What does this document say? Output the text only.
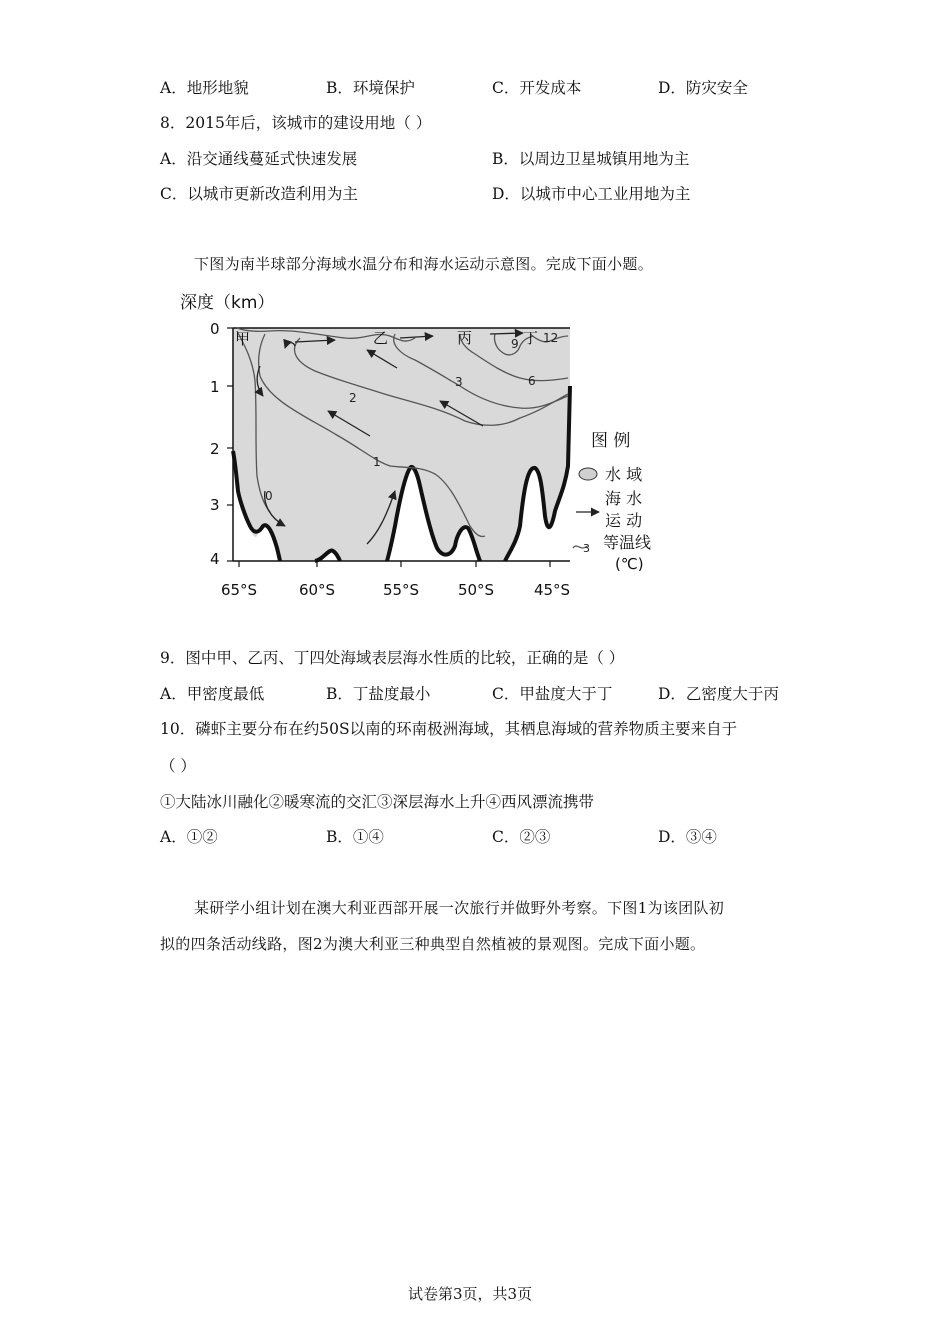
A．地形地貌	B．环境保护	C．开发成本	D．防灾安全
8．2015年后，该城市的建设用地（ ）
A．沿交通线蔓延式快速发展	B．以周边卫星城镇用地为主
C．以城市更新改造利用为主	D．以城市中心工业用地为主
下图为南半球部分海域水温分布和海水运动示意图。完成下面小题。
深度（km）
0
1
2
3	6
9 12
甲	乙	丙	丁
0
1
2
3
4
65°S	60°S	55°S	50°S	45°S
图 例
水 域
海 水
运 动
3 等温线
(℃)
9．图中甲、乙丙、丁四处海域表层海水性质的比较，正确的是（ ）
A．甲密度最低	B．丁盐度最小	C．甲盐度大于丁	D．乙密度大于丙
10．磷虾主要分布在约50S以南的环南极洲海域，其栖息海域的营养物质主要来自于
（ ）
①大陆冰川融化②暖寒流的交汇③深层海水上升④西风漂流携带
A．①②	B．①④	C．②③	D．③④
某研学小组计划在澳大利亚西部开展一次旅行并做野外考察。下图1为该团队初
拟的四条活动线路，图2为澳大利亚三种典型自然植被的景观图。完成下面小题。
试卷第3页，共3页
